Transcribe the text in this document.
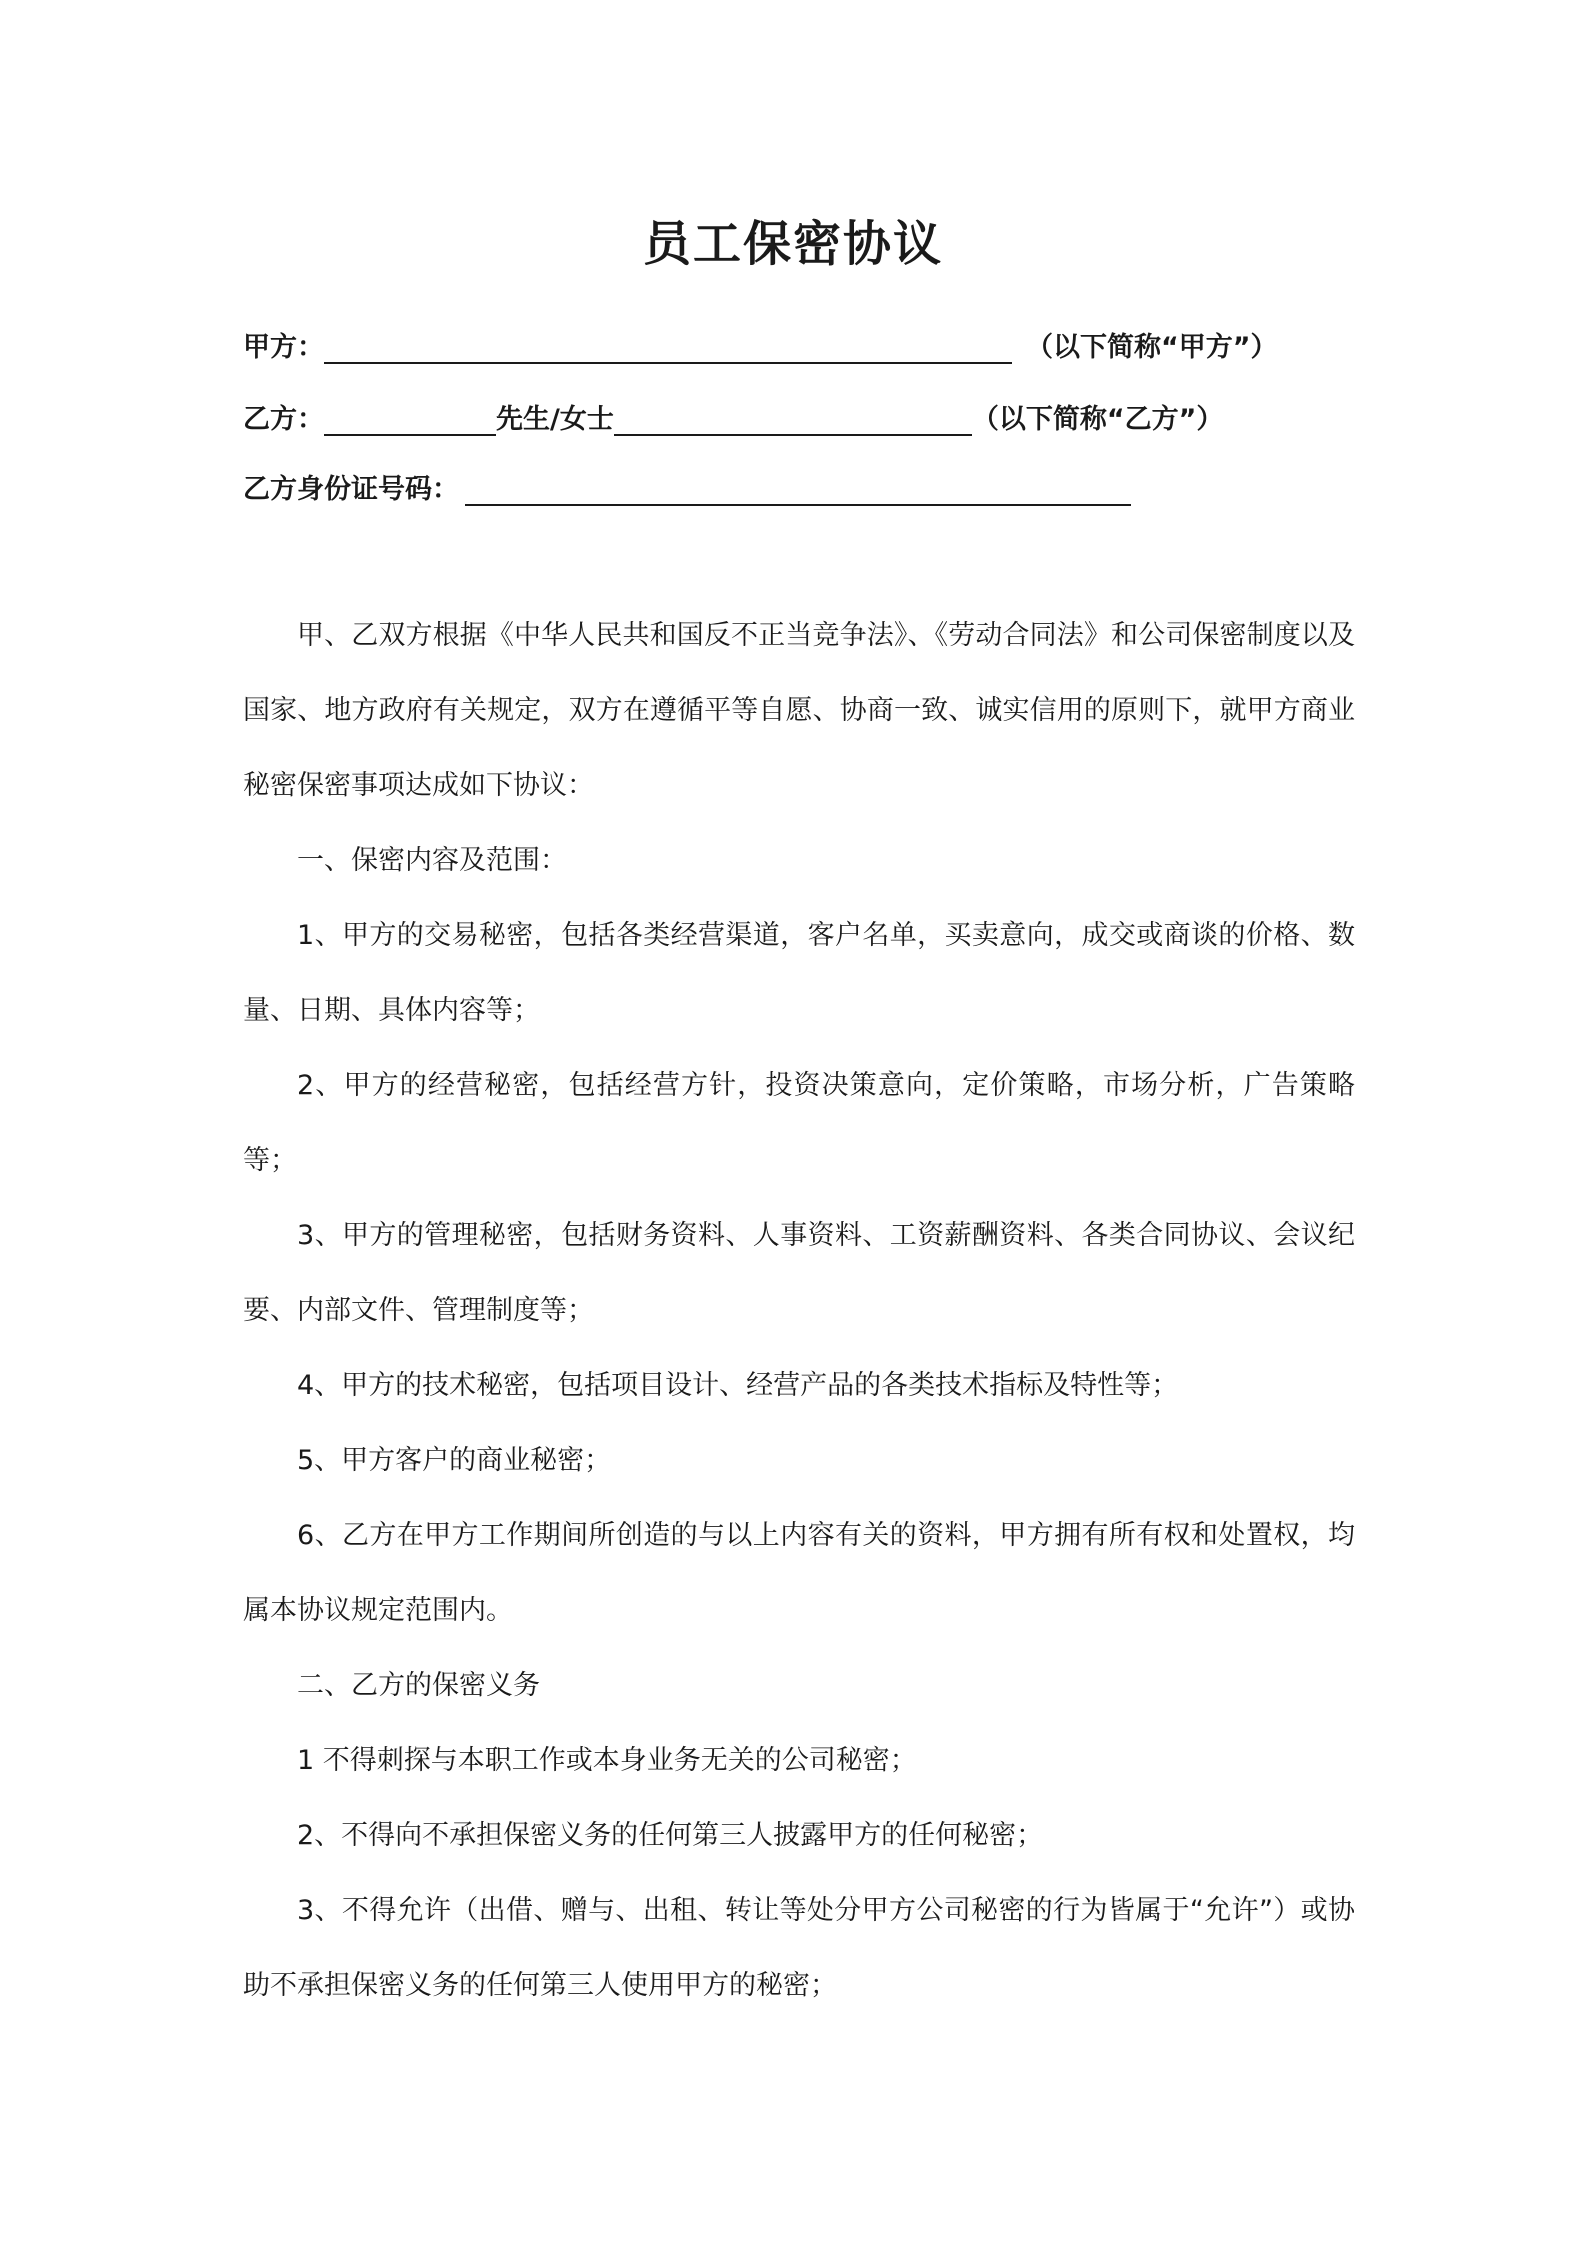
员工保密协议
甲方：	（以下简称“甲方”）
乙方：	先生/女士	（以下简称“乙方”）
乙方身份证号码：

甲、乙双方根据《中华人民共和国反不正当竞争法》、《劳动合同法》和公司保密制度以及国家、地方政府有关规定，双方在遵循平等自愿、协商一致、诚实信用的原则下，就甲方商业秘密保密事项达成如下协议：

一、保密内容及范围：

1、甲方的交易秘密，包括各类经营渠道，客户名单，买卖意向，成交或商谈的价格、数量、日期、具体内容等；

2、甲方的经营秘密，包括经营方针，投资决策意向，定价策略，市场分析，广告策略等；

3、甲方的管理秘密，包括财务资料、人事资料、工资薪酬资料、各类合同协议、会议纪要、内部文件、管理制度等；

4、甲方的技术秘密，包括项目设计、经营产品的各类技术指标及特性等；

5、甲方客户的商业秘密；

6、乙方在甲方工作期间所创造的与以上内容有关的资料，甲方拥有所有权和处置权，均属本协议规定范围内。

二、乙方的保密义务

1 不得刺探与本职工作或本身业务无关的公司秘密；

2、不得向不承担保密义务的任何第三人披露甲方的任何秘密；

3、不得允许（出借、赠与、出租、转让等处分甲方公司秘密的行为皆属于“允许”）或协助不承担保密义务的任何第三人使用甲方的秘密；
